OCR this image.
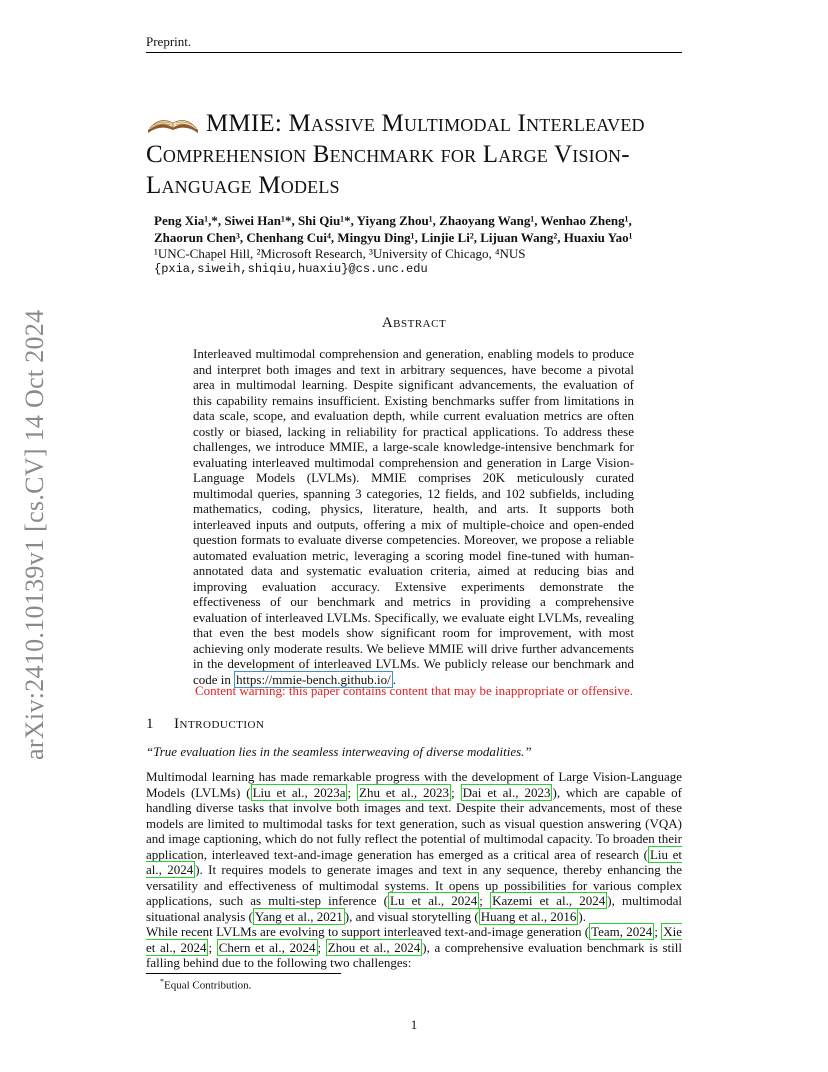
Preprint.
arXiv:2410.10139v1 [cs.CV] 14 Oct 2024
MMIE: Massive Multimodal Interleaved
Comprehension Benchmark for Large Vision-
Language Models
Peng Xia¹,*, Siwei Han¹*, Shi Qiu¹*, Yiyang Zhou¹, Zhaoyang Wang¹, Wenhao Zheng¹,
Zhaorun Chen³, Chenhang Cui⁴, Mingyu Ding¹, Linjie Li², Lijuan Wang², Huaxiu Yao¹
¹UNC-Chapel Hill, ²Microsoft Research, ³University of Chicago, ⁴NUS
{pxia,siweih,shiqiu,huaxiu}@cs.unc.edu
Abstract
Interleaved multimodal comprehension and generation, enabling models to produce and interpret both images and text in arbitrary sequences, have become a pivotal area in multimodal learning. Despite significant advancements, the evaluation of this capability remains insufficient. Existing benchmarks suffer from limitations in data scale, scope, and evaluation depth, while current evaluation metrics are often costly or biased, lacking in reliability for practical applications. To address these challenges, we introduce MMIE, a large-scale knowledge-intensive benchmark for evaluating interleaved multimodal comprehension and generation in Large Vision-Language Models (LVLMs). MMIE comprises 20K meticulously curated multimodal queries, spanning 3 categories, 12 fields, and 102 subfields, including mathematics, coding, physics, literature, health, and arts. It supports both interleaved inputs and outputs, offering a mix of multiple-choice and open-ended question formats to evaluate diverse competencies. Moreover, we propose a reliable automated evaluation metric, leveraging a scoring model fine-tuned with human-annotated data and systematic evaluation criteria, aimed at reducing bias and improving evaluation accuracy. Extensive experiments demonstrate the effectiveness of our benchmark and metrics in providing a comprehensive evaluation of interleaved LVLMs. Specifically, we evaluate eight LVLMs, revealing that even the best models show significant room for improvement, with most achieving only moderate results. We believe MMIE will drive further advancements in the development of interleaved LVLMs. We publicly release our benchmark and code in https://mmie-bench.github.io/ .
Content warning: this paper contains content that may be inappropriate or offensive.
1 Introduction
“True evaluation lies in the seamless interweaving of diverse modalities.”
Multimodal learning has made remarkable progress with the development of Large Vision-Language Models (LVLMs) ( Liu et al., 2023a ; Zhu et al., 2023 ; Dai et al., 2023 ), which are capable of handling diverse tasks that involve both images and text. Despite their advancements, most of these models are limited to multimodal tasks for text generation, such as visual question answering (VQA) and image captioning, which do not fully reflect the potential of multimodal capacity. To broaden their application, interleaved text-and-image generation has emerged as a critical area of research ( Liu et al., 2024 ). It requires models to generate images and text in any sequence, thereby enhancing the versatility and effectiveness of multimodal systems. It opens up possibilities for various complex applications, such as multi-step inference ( Lu et al., 2024 ; Kazemi et al., 2024 ), multimodal situational analysis ( Yang et al., 2021 ), and visual storytelling ( Huang et al., 2016 ).
While recent LVLMs are evolving to support interleaved text-and-image generation ( Team, 2024 ; Xie et al., 2024 ; Chern et al., 2024 ; Zhou et al., 2024 ), a comprehensive evaluation benchmark is still falling behind due to the following two challenges:
*Equal Contribution.
1
